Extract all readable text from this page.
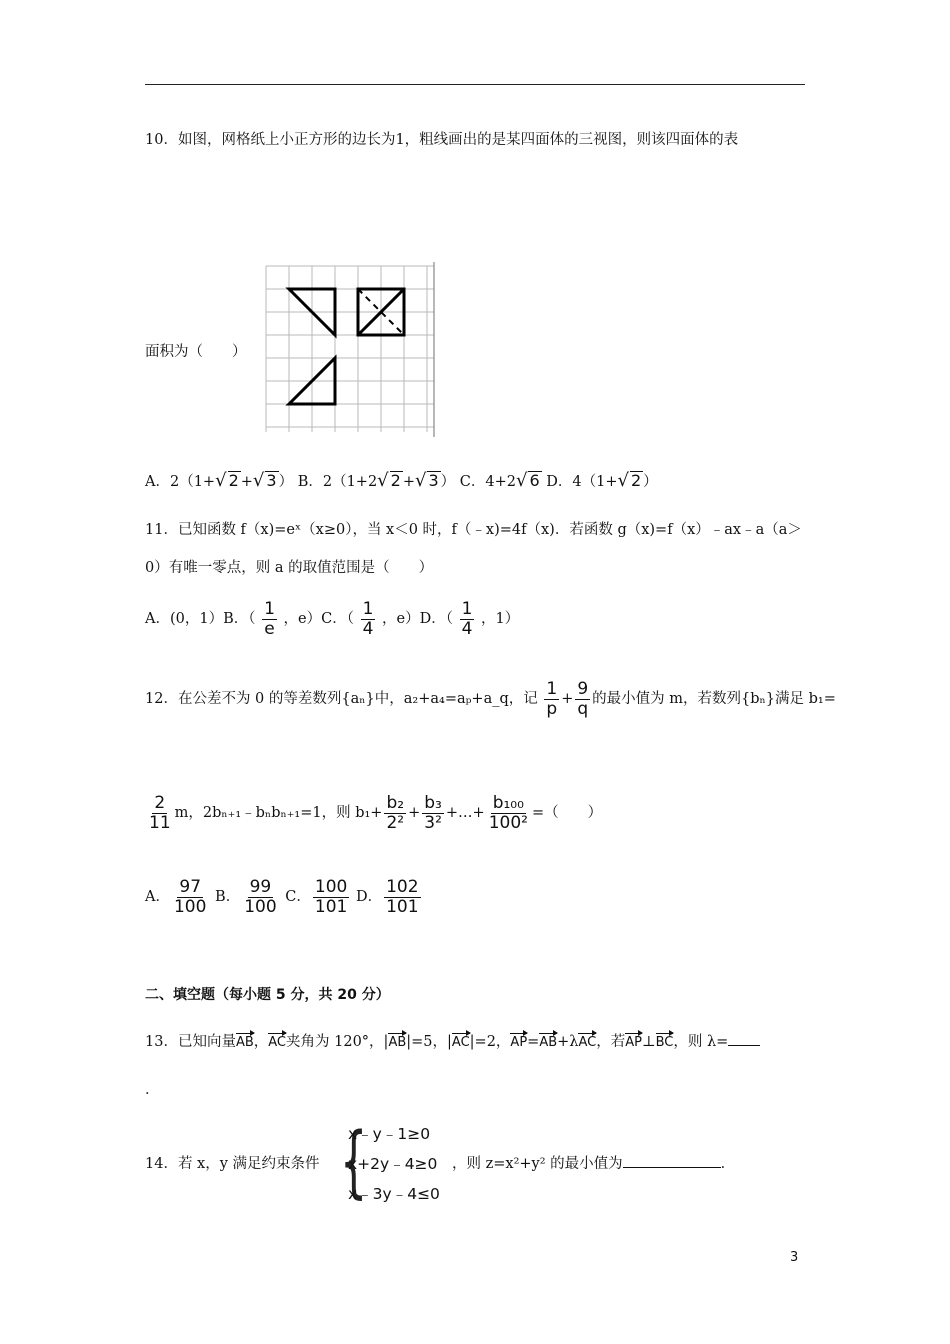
10．如图，网格纸上小正方形的边长为1，粗线画出的是某四面体的三视图，则该四面体的表
面积为（　　）
A．2（1+√ 2 +√ 3 ） B．2（1+2√ 2 +√ 3 ） C．4+2√ 6 D．4（1+√ 2 ）
11．已知函数 f（x)=eˣ（x≥0），当 x＜0 时，f（﹣x)=4f（x)．若函数 g（x)=f（x）﹣ax﹣a（a＞
0）有唯一零点，则 a 的取值范围是（　　）
A．(0，1）B．（ $\frac{1}{e}$ ，e）C．（ $\frac{1}{4}$ ，e）D．（ $\frac{1}{4}$ ，1）
12．在公差不为 0 的等差数列{aₙ}中，a₂+a₄=aₚ+a_q，记 $\frac{1}{p} + \frac{9}{q}$ 的最小值为 m，若数列{bₙ}满足 b₁=
$\frac{2}{11}$ m，2bₙ₊₁﹣bₙbₙ₊₁=1，则 $b_1+ \frac{\text{b₂}}{\text{2²}} + \frac{\text{b₃}}{\text{3²}}$ +…+ $\frac{\text{b₁₀₀}}{\text{100²}}$ =（　　）
A． $\frac{97}{100}$ B． $\frac{99}{100}$ C． $\frac{100}{101}$ D． $\frac{102}{101}$
二、填空题（每小题 5 分，共 20 分）
13．已知向量AB，AC夹角为 120°，|AB|=5，|AC|=2，AP=AB+λAC，若AP⊥BC，则 λ=
．
14．若 x，y 满足约束条件 {
x﹣y﹣1≥0
x+2y﹣4≥0
x﹣3y﹣4≤0
，则 z=x²+y² 的最小值为	．
3
